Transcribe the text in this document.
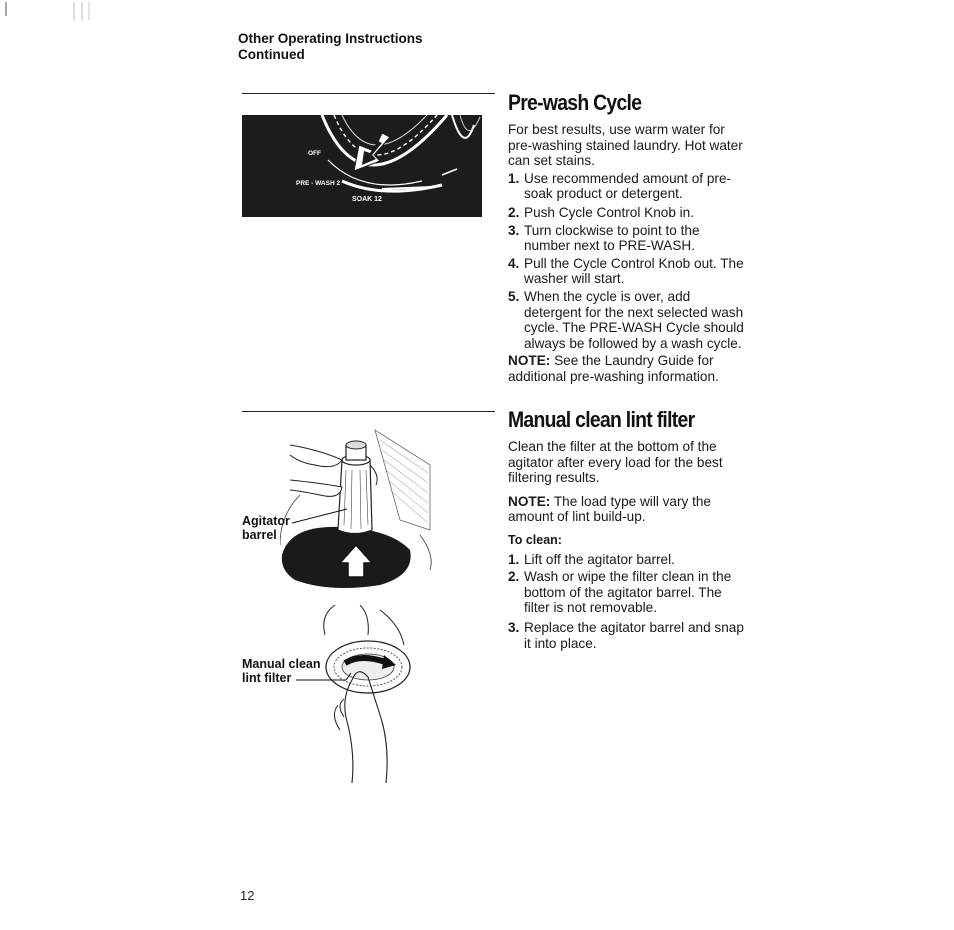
Other Operating Instructions
Continued
OFF
PRE - WASH 2
SOAK 12
Pre-wash Cycle

For best results, use warm water for pre-washing stained laundry. Hot water can set stains.

1. Use recommended amount of pre-soak product or detergent.
2. Push Cycle Control Knob in.
3. Turn clockwise to point to the number next to PRE-WASH.
4. Pull the Cycle Control Knob out. The washer will start.
5. When the cycle is over, add detergent for the next selected wash cycle. The PRE-WASH Cycle should always be followed by a wash cycle.

NOTE: See the Laundry Guide for additional pre-washing information.

Manual clean lint filter

Clean the filter at the bottom of the agitator after every load for the best filtering results.

NOTE: The load type will vary the amount of lint build-up.

To clean:
1. Lift off the agitator barrel.
2. Wash or wipe the filter clean in the bottom of the agitator barrel. The filter is not removable.
3. Replace the agitator barrel and snap it into place.
Agitator
barrel
Manual clean
lint filter
12
